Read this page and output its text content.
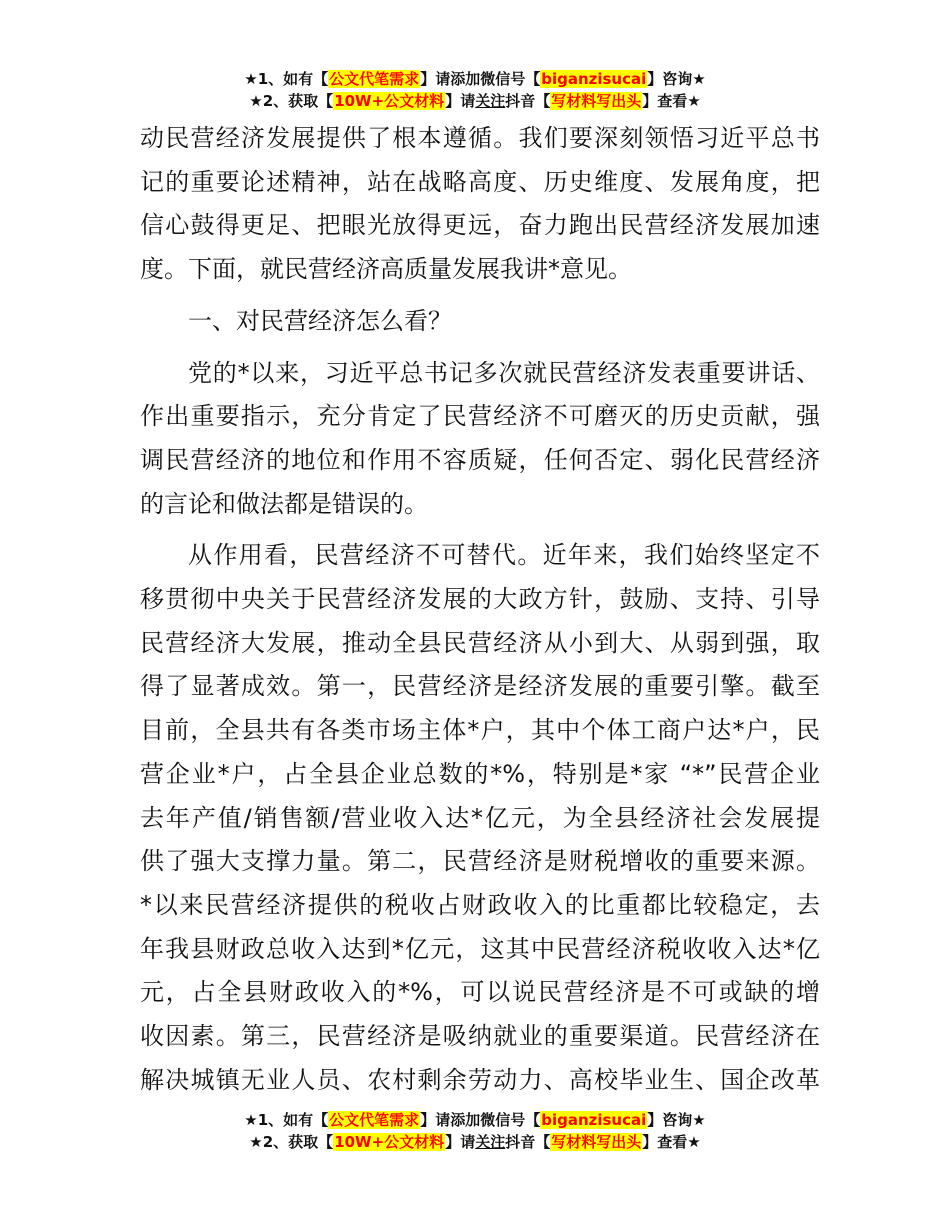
★1、如有【公文代笔需求】请添加微信号【biganzisucai】咨询★
★2、获取【10W+公文材料】请关注抖音【写材料写出头】查看★
动民营经济发展提供了根本遵循。我们要深刻领悟习近平总书
记的重要论述精神，站在战略高度、历史维度、发展角度，把
信心鼓得更足、把眼光放得更远，奋力跑出民营经济发展加速
度。下面，就民营经济高质量发展我讲*意见。
一、对民营经济怎么看？
党的*以来，习近平总书记多次就民营经济发表重要讲话、
作出重要指示，充分肯定了民营经济不可磨灭的历史贡献，强
调民营经济的地位和作用不容质疑，任何否定、弱化民营经济
的言论和做法都是错误的。
从作用看，民营经济不可替代。近年来，我们始终坚定不
移贯彻中央关于民营经济发展的大政方针，鼓励、支持、引导
民营经济大发展，推动全县民营经济从小到大、从弱到强，取
得了显著成效。第一，民营经济是经济发展的重要引擎。截至
目前，全县共有各类市场主体*户，其中个体工商户达*户，民
营企业*户，占全县企业总数的*%，特别是*家 “*”民营企业
去年产值/销售额/营业收入达*亿元，为全县经济社会发展提
供了强大支撑力量。第二，民营经济是财税增收的重要来源。
*以来民营经济提供的税收占财政收入的比重都比较稳定，去
年我县财政总收入达到*亿元，这其中民营经济税收收入达*亿
元，占全县财政收入的*%，可以说民营经济是不可或缺的增
收因素。第三，民营经济是吸纳就业的重要渠道。民营经济在
解决城镇无业人员、农村剩余劳动力、高校毕业生、国企改革
★1、如有【公文代笔需求】请添加微信号【biganzisucai】咨询★
★2、获取【10W+公文材料】请关注抖音【写材料写出头】查看★
